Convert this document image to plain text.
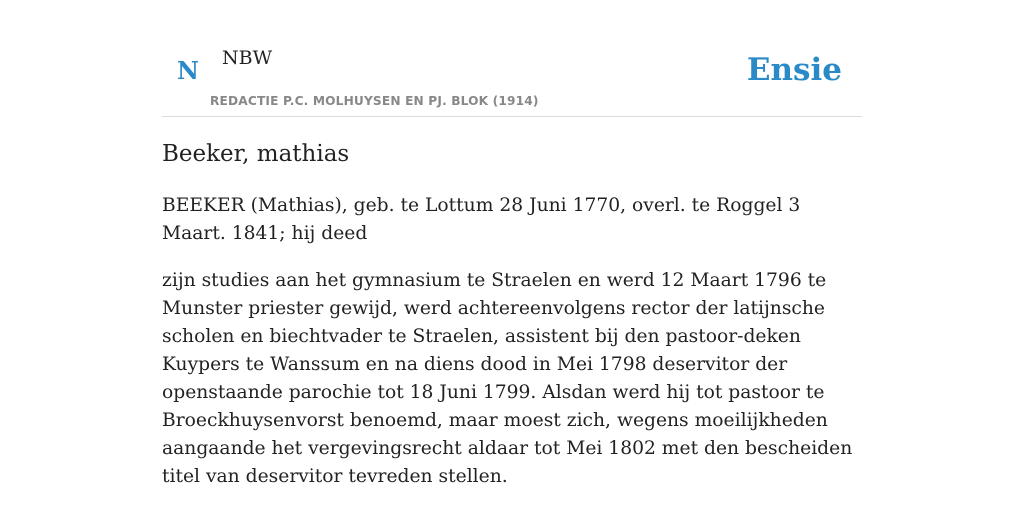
N NBW
REDACTIE P.C. MOLHUYSEN EN PJ. BLOK (1914)
Ensie
Beeker, mathias

BEEKER (Mathias), geb. te Lottum 28 Juni 1770, overl. te Roggel 3 Maart. 1841; hij deed

zijn studies aan het gymnasium te Straelen en werd 12 Maart 1796 te Munster priester gewijd, werd achtereenvolgens rector der latijnsche scholen en biechtvader te Straelen, assistent bij den pastoor-deken Kuypers te Wanssum en na diens dood in Mei 1798 deservitor der openstaande parochie tot 18 Juni 1799. Alsdan werd hij tot pastoor te Broeckhuysenvorst benoemd, maar moest zich, wegens moeilijkheden aangaande het vergevingsrecht aldaar tot Mei 1802 met den bescheiden titel van deservitor tevreden stellen.
